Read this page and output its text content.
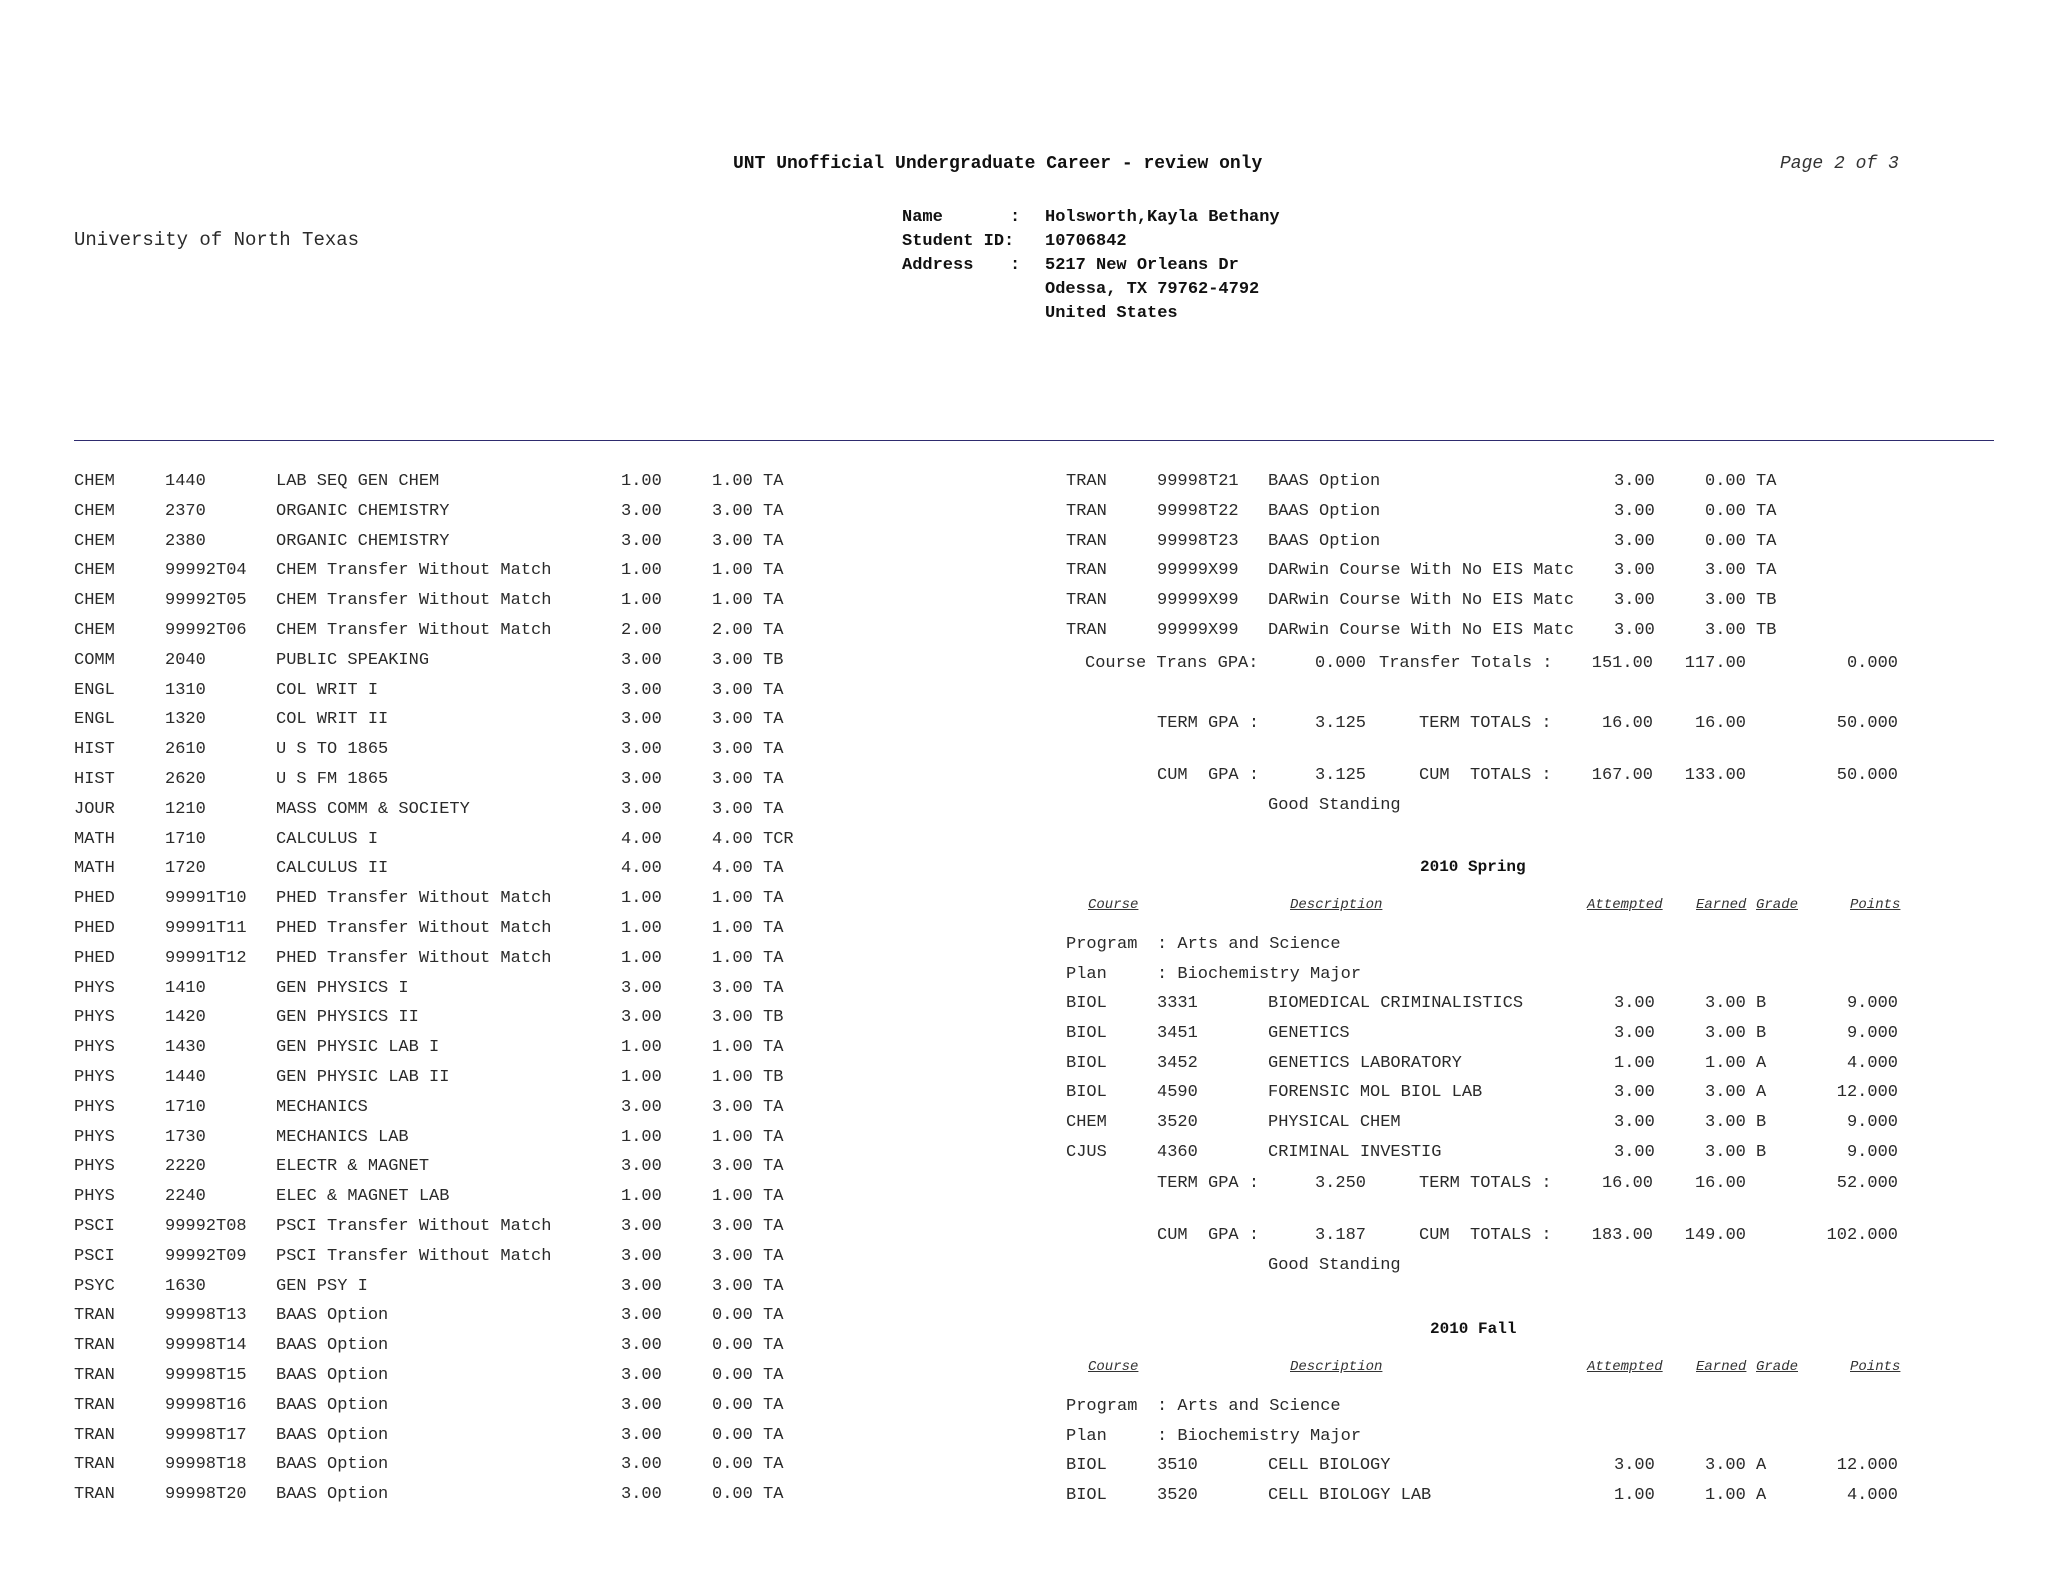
UNT Unofficial Undergraduate Career - review only	Page 2 of 3
University of North Texas
Name	: Holsworth,Kayla Bethany
Student ID: 10706842
Address : 5217 New Orleans Dr
Odessa, TX 79762-4792
United States
CHEM	1440	LAB SEQ GEN CHEM	1.00	1.00 TA
CHEM	2370	ORGANIC CHEMISTRY	3.00	3.00 TA
CHEM	2380	ORGANIC CHEMISTRY	3.00	3.00 TA
CHEM	99992T04 CHEM Transfer Without Match	1.00	1.00 TA
CHEM	99992T05 CHEM Transfer Without Match	1.00	1.00 TA
CHEM	99992T06 CHEM Transfer Without Match	2.00	2.00 TA
COMM	2040	PUBLIC SPEAKING	3.00	3.00 TB
ENGL	1310	COL WRIT I	3.00	3.00 TA
ENGL	1320	COL WRIT II	3.00	3.00 TA
HIST	2610	U S TO 1865	3.00	3.00 TA
HIST	2620	U S FM 1865	3.00	3.00 TA
JOUR	1210	MASS COMM & SOCIETY	3.00	3.00 TA
MATH	1710	CALCULUS I	4.00	4.00 TCR
MATH	1720	CALCULUS II	4.00	4.00 TA
PHED	99991T10 PHED Transfer Without Match	1.00	1.00 TA
PHED	99991T11 PHED Transfer Without Match	1.00	1.00 TA
PHED	99991T12 PHED Transfer Without Match	1.00	1.00 TA
PHYS	1410	GEN PHYSICS I	3.00	3.00 TA
PHYS	1420	GEN PHYSICS II	3.00	3.00 TB
PHYS	1430	GEN PHYSIC LAB I	1.00	1.00 TA
PHYS	1440	GEN PHYSIC LAB II	1.00	1.00 TB
PHYS	1710	MECHANICS	3.00	3.00 TA
PHYS	1730	MECHANICS LAB	1.00	1.00 TA
PHYS	2220	ELECTR & MAGNET	3.00	3.00 TA
PHYS	2240	ELEC & MAGNET LAB	1.00	1.00 TA
PSCI	99992T08 PSCI Transfer Without Match	3.00	3.00 TA
PSCI	99992T09 PSCI Transfer Without Match	3.00	3.00 TA
PSYC	1630	GEN PSY I	3.00	3.00 TA
TRAN	99998T13 BAAS Option	3.00	0.00 TA
TRAN	99998T14 BAAS Option	3.00	0.00 TA
TRAN	99998T15 BAAS Option	3.00	0.00 TA
TRAN	99998T16 BAAS Option	3.00	0.00 TA
TRAN	99998T17 BAAS Option	3.00	0.00 TA
TRAN	99998T18 BAAS Option	3.00	0.00 TA
TRAN	99998T20 BAAS Option	3.00	0.00 TA
TRAN	99998T21 BAAS Option	3.00	0.00 TA
TRAN	99998T22 BAAS Option	3.00	0.00 TA
TRAN	99998T23 BAAS Option	3.00	0.00 TA
TRAN	99999X99 DARwin Course With No EIS Matc 3.00	3.00 TA
TRAN	99999X99 DARwin Course With No EIS Matc 3.00	3.00 TB
TRAN	99999X99 DARwin Course With No EIS Matc 3.00	3.00 TB
Course Trans GPA:	0.000 Transfer Totals :	151.00	117.00	0.000
TERM GPA :	3.125	TERM TOTALS :	16.00	16.00	50.000
CUM  GPA :	3.125	CUM  TOTALS :	167.00	133.00	50.000
Good Standing
2010 Spring
Course	Description	Attempted Earned Grade	Points
Program : Arts and Science
Plan	: Biochemistry Major
BIOL	3331	BIOMEDICAL CRIMINALISTICS	3.00	3.00 B	9.000
BIOL	3451	GENETICS	3.00	3.00 B	9.000
BIOL	3452	GENETICS LABORATORY	1.00	1.00 A	4.000
BIOL	4590	FORENSIC MOL BIOL LAB	3.00	3.00 A	12.000
CHEM	3520	PHYSICAL CHEM	3.00	3.00 B	9.000
CJUS	4360	CRIMINAL INVESTIG	3.00	3.00 B	9.000
TERM GPA :	3.250	TERM TOTALS :	16.00	16.00	52.000
CUM  GPA :	3.187	CUM  TOTALS :	183.00	149.00	102.000
Good Standing
2010 Fall
Course	Description	Attempted Earned Grade	Points
Program : Arts and Science
Plan	: Biochemistry Major
BIOL	3510	CELL BIOLOGY	3.00	3.00 A	12.000
BIOL	3520	CELL BIOLOGY LAB	1.00	1.00 A	4.000
